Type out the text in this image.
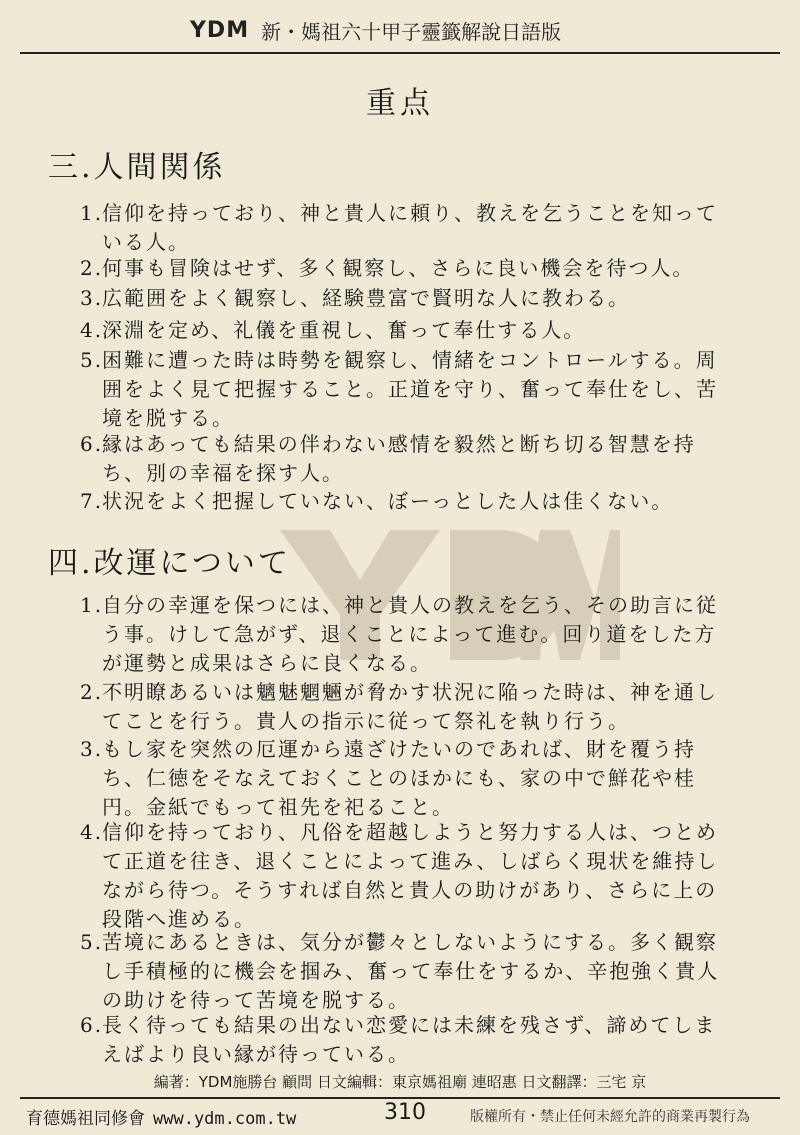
YDM 新・媽祖六十甲子靈籤解說日語版
重点
三.人間関係
1.
信仰を持っており、神と貴人に頼り、教えを乞うことを知っている人。
2.
何事も冒険はせず、多く観察し、さらに良い機会を待つ人。
3.
広範囲をよく観察し、経験豊富で賢明な人に教わる。
4.
深淵を定め、礼儀を重視し、奮って奉仕する人。
5.
困難に遭った時は時勢を観察し、情緒をコントロールする。周囲をよく見て把握すること。正道を守り、奮って奉仕をし、苦境を脱する。
6.
縁はあっても結果の伴わない感情を毅然と断ち切る智慧を持ち、別の幸福を探す人。
7.
状況をよく把握していない、ぼーっとした人は佳くない。
四.改運について
1.
自分の幸運を保つには、神と貴人の教えを乞う、その助言に従う事。けして急がず、退くことによって進む。回り道をした方が運勢と成果はさらに良くなる。
2.
不明瞭あるいは魑魅魍魎が脅かす状況に陥った時は、神を通してことを行う。貴人の指示に従って祭礼を執り行う。
3.
もし家を突然の厄運から遠ざけたいのであれば、財を覆う持ち、仁徳をそなえておくことのほかにも、家の中で鮮花や桂円。金紙でもって祖先を祀ること。
4.
信仰を持っており、凡俗を超越しようと努力する人は、つとめて正道を往き、退くことによって進み、しばらく現状を維持しながら待つ。そうすれば自然と貴人の助けがあり、さらに上の段階へ進める。
5.
苦境にあるときは、気分が鬱々としないようにする。多く観察し手積極的に機会を掴み、奮って奉仕をするか、辛抱強く貴人の助けを待って苦境を脱する。
6.
長く待っても結果の出ない恋愛には未練を残さず、諦めてしまえばより良い縁が待っている。
編著：YDM施勝台 顧問 日文編輯：東京媽祖廟 連昭惠 日文翻譯：三宅 京
育德媽祖同修會 www.ydm.com.tw	310	版權所有・禁止任何未經允許的商業再製行為
